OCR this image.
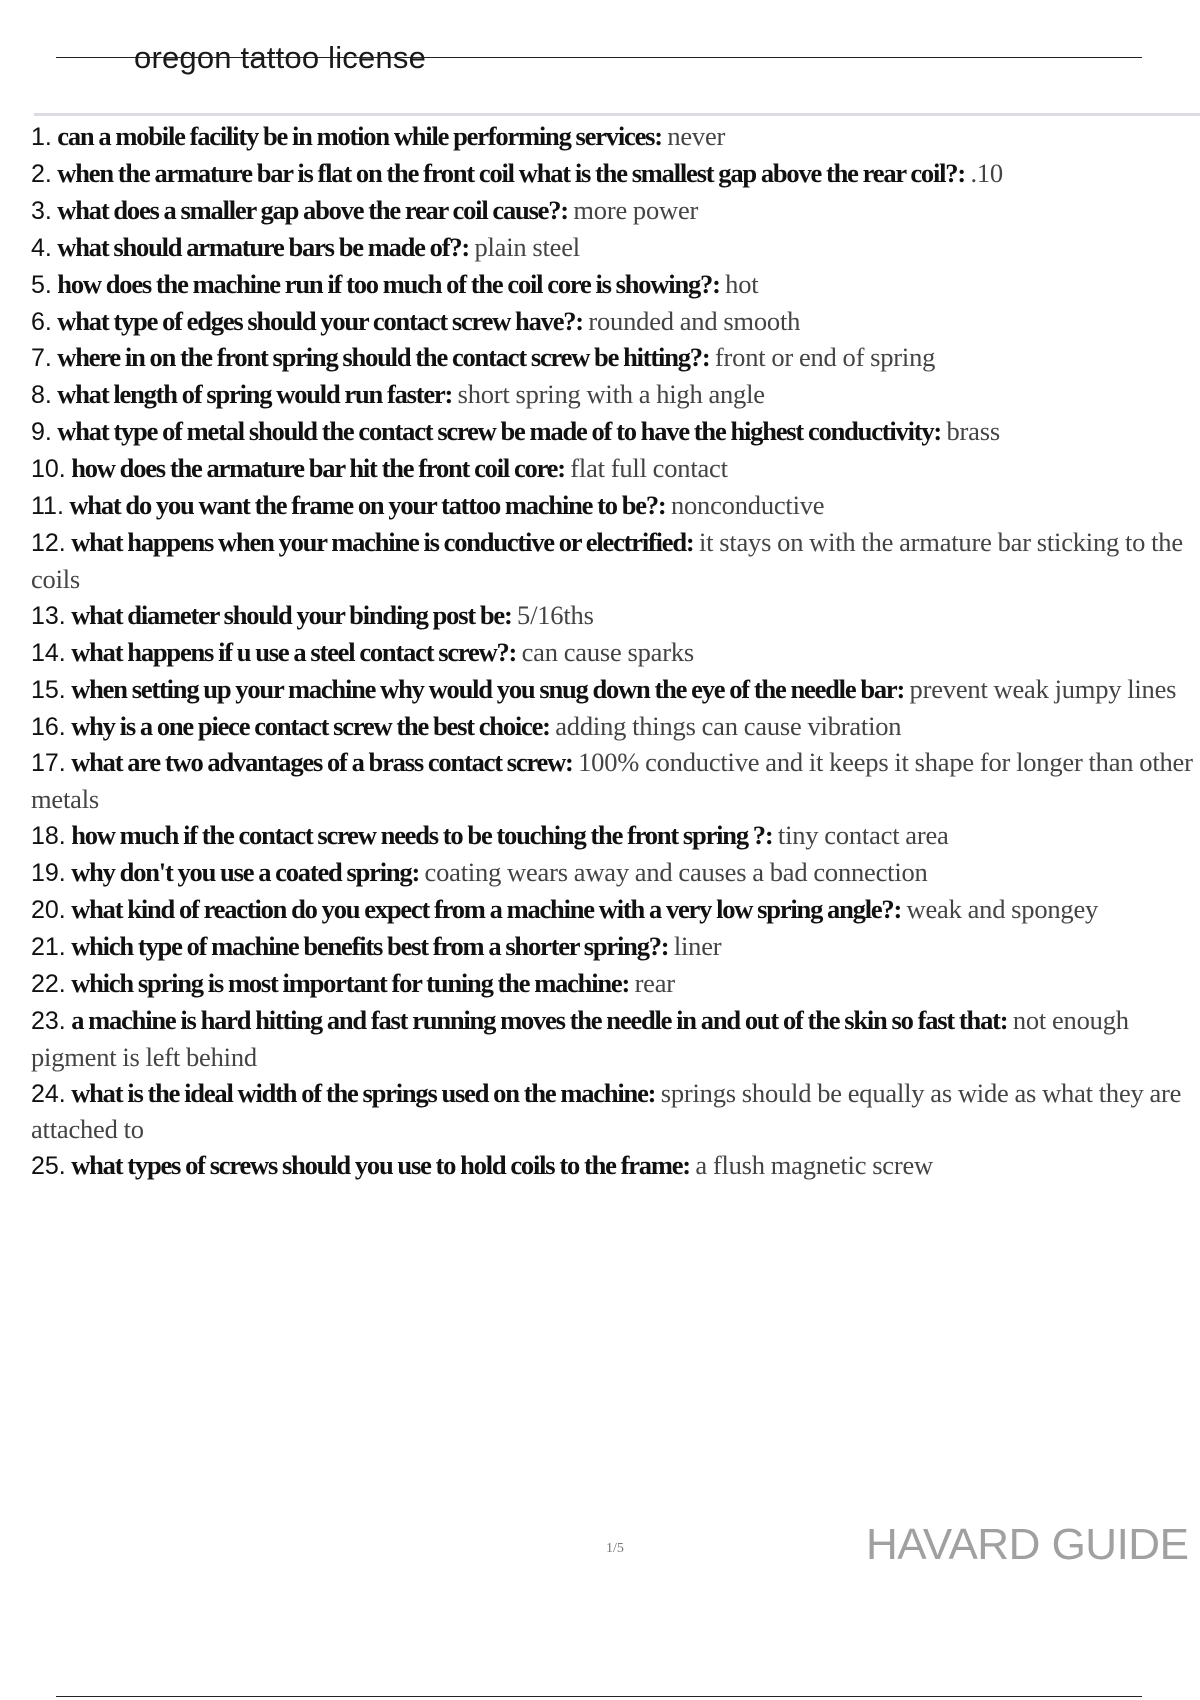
oregon tattoo license
1. can a mobile facility be in motion while performing services: never
2. when the armature bar is flat on the front coil what is the smallest gap above the rear coil?: .10
3. what does a smaller gap above the rear coil cause?: more power
4. what should armature bars be made of?: plain steel
5. how does the machine run if too much of the coil core is showing?: hot
6. what type of edges should your contact screw have?: rounded and smooth
7. where in on the front spring should the contact screw be hitting?: front or end of spring
8. what length of spring would run faster: short spring with a high angle
9. what type of metal should the contact screw be made of to have the highest conductivity: brass
10. how does the armature bar hit the front coil core: flat full contact
11. what do you want the frame on your tattoo machine to be?: nonconductive
12. what happens when your machine is conductive or electrified: it stays on with the armature bar sticking to the coils
13. what diameter should your binding post be: 5/16ths
14. what happens if u use a steel contact screw?: can cause sparks
15. when setting up your machine why would you snug down the eye of the needle bar: prevent weak jumpy lines
16. why is a one piece contact screw the best choice: adding things can cause vibration
17. what are two advantages of a brass contact screw: 100% conductive and it keeps it shape for longer than other metals
18. how much if the contact screw needs to be touching the front spring ?: tiny contact area
19. why don't you use a coated spring: coating wears away and causes a bad connection
20. what kind of reaction do you expect from a machine with a very low spring angle?: weak and spongey
21. which type of machine benefits best from a shorter spring?: liner
22. which spring is most important for tuning the machine: rear
23. a machine is hard hitting and fast running moves the needle in and out of the skin so fast that: not enough pigment is left behind
24. what is the ideal width of the springs used on the machine: springs should be equally as wide as what they are attached to
25. what types of screws should you use to hold coils to the frame: a flush magnetic screw
1/5	HAVARD GUIDE
